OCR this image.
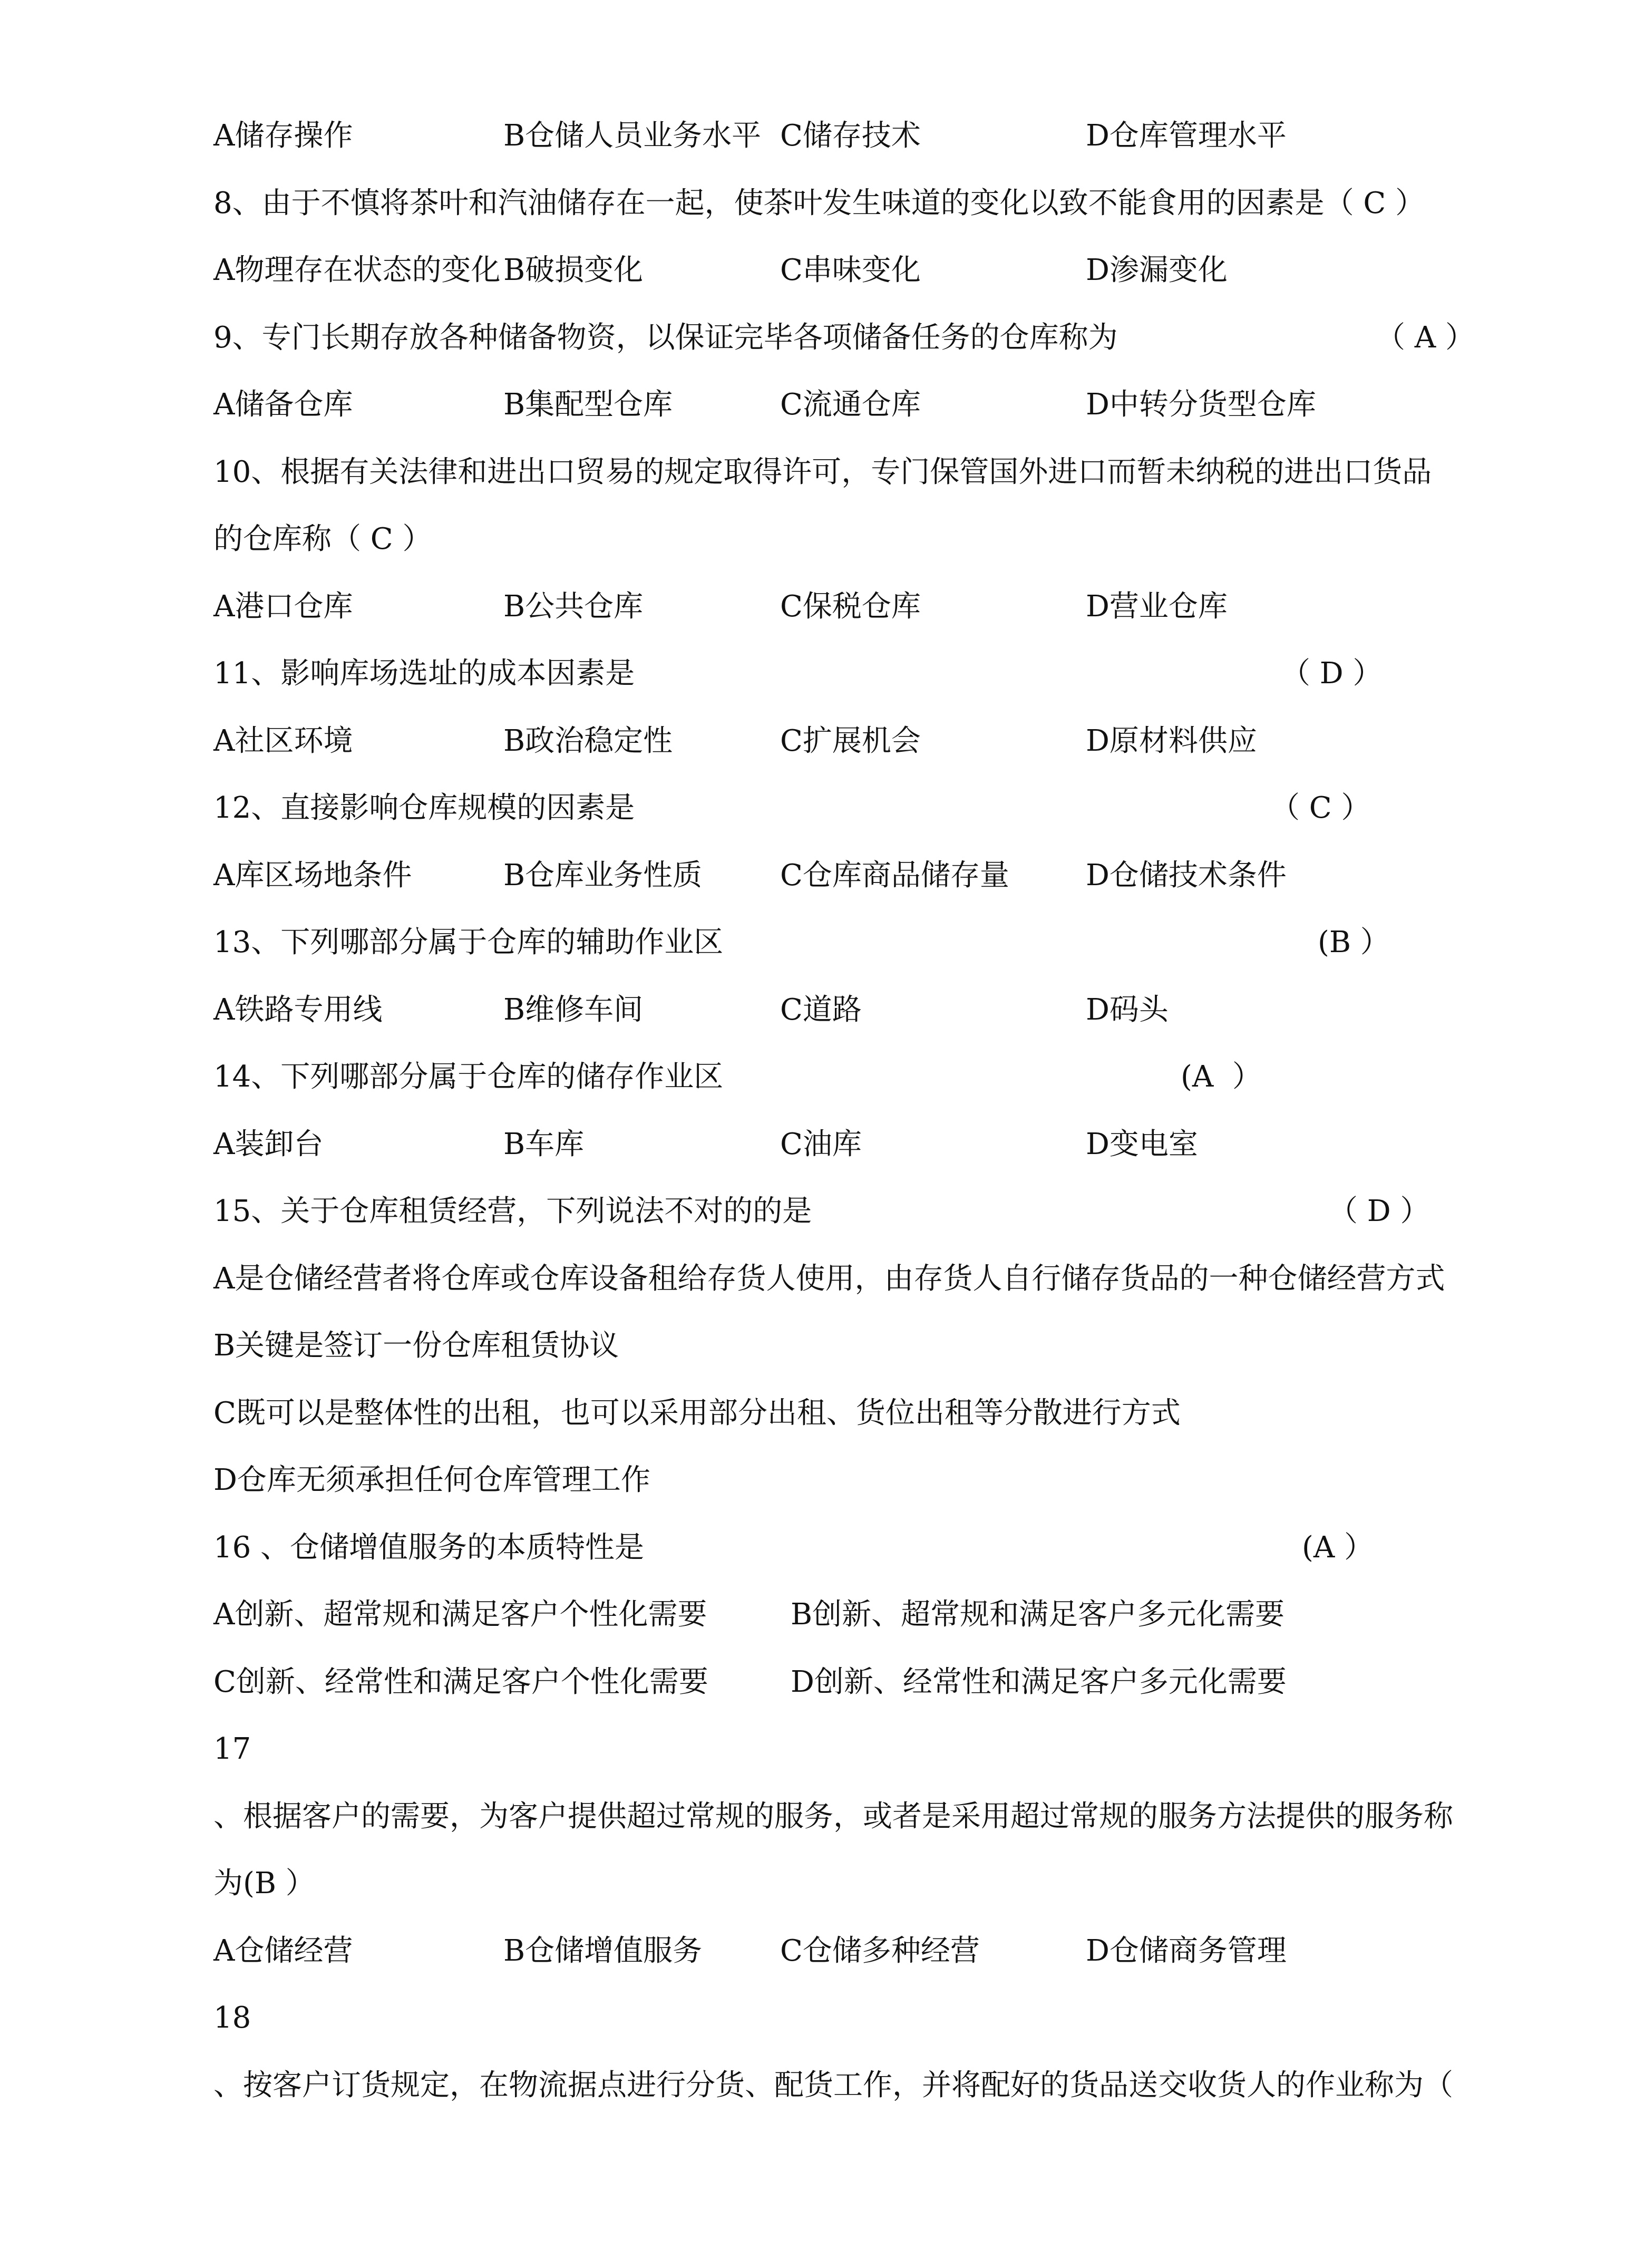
A储存操作	B仓储人员业务水平 C储存技术	D仓库管理水平
8、由于不慎将茶叶和汽油储存在一起，使茶叶发生味道的变化以致不能食用的因素是（ C ）
A物理存在状态的变化 B破损变化	C串味变化	D渗漏变化
9、专门长期存放各种储备物资，以保证完毕各项储备任务的仓库称为	（ A ）
A储备仓库	B集配型仓库	C流通仓库	D中转分货型仓库
10、根据有关法律和进出口贸易的规定取得许可，专门保管国外进口而暂未纳税的进出口货品
的仓库称（ C ）
A港口仓库	B公共仓库	C保税仓库	D营业仓库
11、影响库场选址的成本因素是	（ D ）
A社区环境	B政治稳定性	C扩展机会	D原材料供应
12、直接影响仓库规模的因素是	（ C ）
A库区场地条件	B仓库业务性质	C仓库商品储存量	D仓储技术条件
13、下列哪部分属于仓库的辅助作业区	(B ）
A铁路专用线	B维修车间	C道路	D码头
14、下列哪部分属于仓库的储存作业区	(A  ）
A装卸台	B车库	C油库	D变电室
15、关于仓库租赁经营，下列说法不对的的是	（ D ）
A是仓储经营者将仓库或仓库设备租给存货人使用，由存货人自行储存货品的一种仓储经营方式
B关键是签订一份仓库租赁协议
C既可以是整体性的出租，也可以采用部分出租、货位出租等分散进行方式
D仓库无须承担任何仓库管理工作
16 、仓储增值服务的本质特性是	(A ）
A创新、超常规和满足客户个性化需要	B创新、超常规和满足客户多元化需要
C创新、经常性和满足客户个性化需要	D创新、经常性和满足客户多元化需要
17
、根据客户的需要，为客户提供超过常规的服务，或者是采用超过常规的服务方法提供的服务称
为(B ）
A仓储经营	B仓储增值服务	C仓储多种经营	D仓储商务管理
18
、按客户订货规定，在物流据点进行分货、配货工作，并将配好的货品送交收货人的作业称为（
